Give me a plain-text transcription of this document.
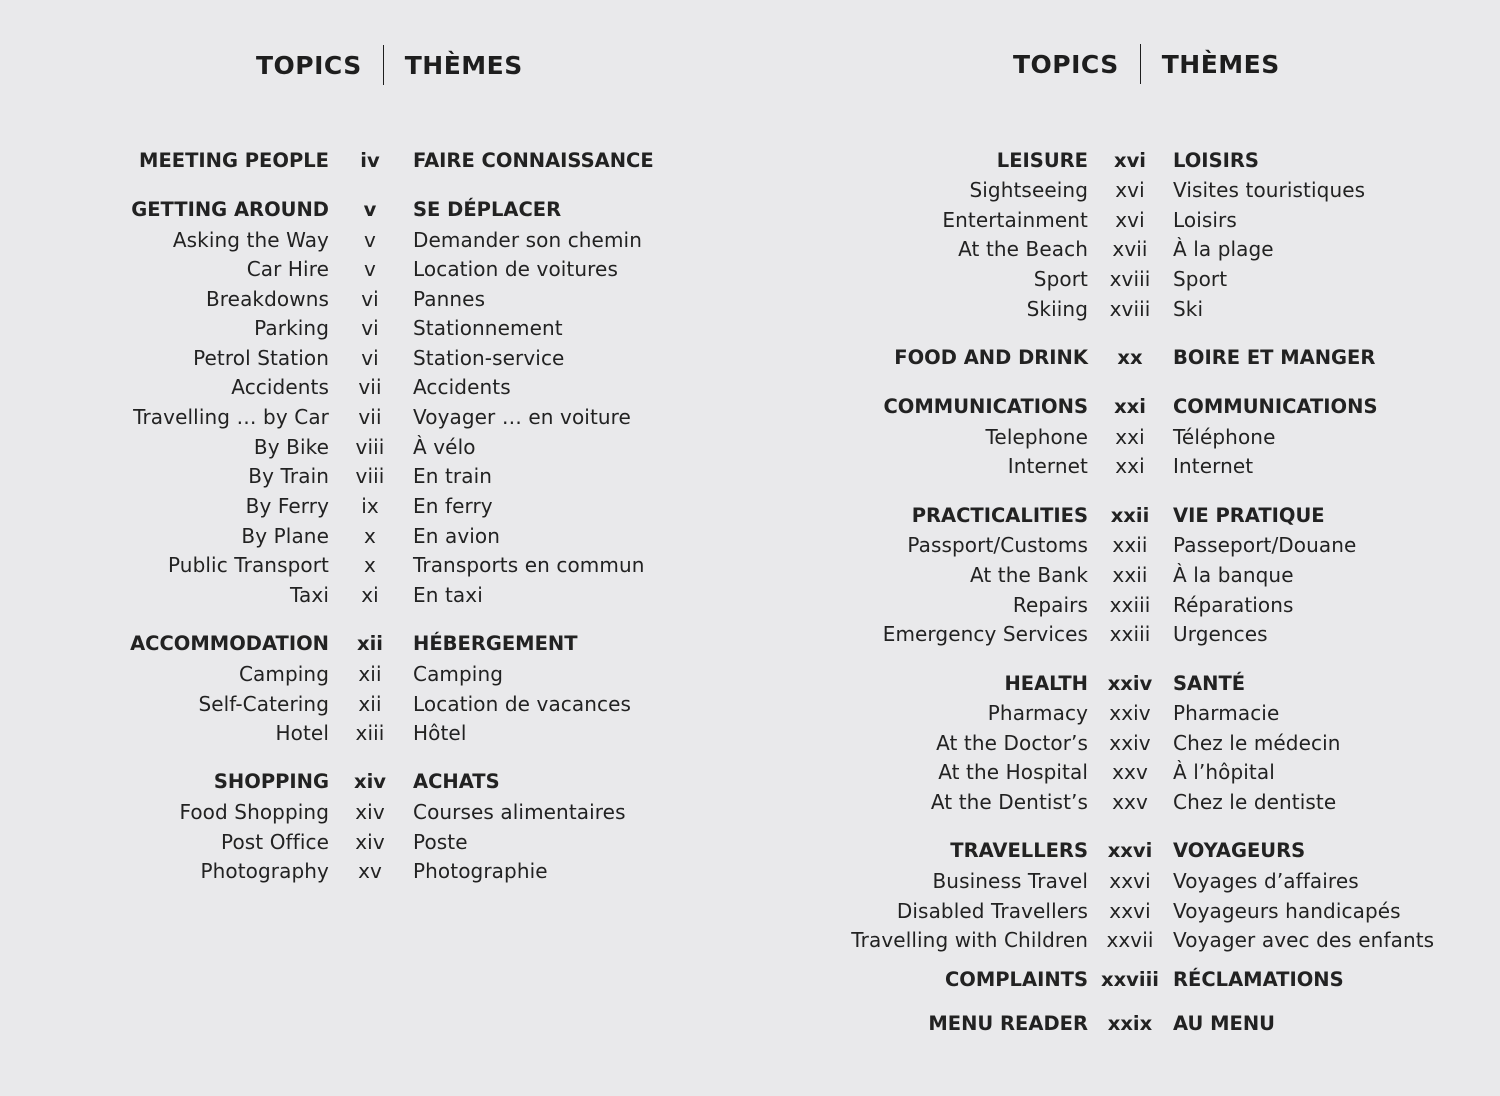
TOPICS THÈMES
MEETING PEOPLE	iv	FAIRE CONNAISSANCE
GETTING AROUND	v	SE DÉPLACER
Asking the Way	v	Demander son chemin
Car Hire	v	Location de voitures
Breakdowns	vi	Pannes
Parking	vi	Stationnement
Petrol Station	vi	Station-service
Accidents	vii	Accidents
Travelling … by Car	vii	Voyager … en voiture
By Bike	viii	À vélo
By Train	viii	En train
By Ferry	ix	En ferry
By Plane	x	En avion
Public Transport	x	Transports en commun
Taxi	xi	En taxi
ACCOMMODATION	xii	HÉBERGEMENT
Camping	xii	Camping
Self-Catering	xii	Location de vacances
Hotel	xiii	Hôtel
SHOPPING	xiv	ACHATS
Food Shopping	xiv	Courses alimentaires
Post Office	xiv	Poste
Photography	xv	Photographie
TOPICS THÈMES
LEISURE	xvi	LOISIRS
Sightseeing	xvi	Visites touristiques
Entertainment	xvi	Loisirs
At the Beach	xvii	À la plage
Sport	xviii	Sport
Skiing	xviii	Ski
FOOD AND DRINK	xx	BOIRE ET MANGER
COMMUNICATIONS	xxi	COMMUNICATIONS
Telephone	xxi	Téléphone
Internet	xxi	Internet
PRACTICALITIES	xxii	VIE PRATIQUE
Passport/Customs	xxii	Passeport/Douane
At the Bank	xxii	À la banque
Repairs	xxiii	Réparations
Emergency Services	xxiii	Urgences
HEALTH	xxiv	SANTÉ
Pharmacy	xxiv	Pharmacie
At the Doctor’s	xxiv	Chez le médecin
At the Hospital	xxv	À l’hôpital
At the Dentist’s	xxv	Chez le dentiste
TRAVELLERS	xxvi	VOYAGEURS
Business Travel	xxvi	Voyages d’affaires
Disabled Travellers	xxvi	Voyageurs handicapés
Travelling with Children xxvii Voyager avec des enfants
COMPLAINTS xxviii RÉCLAMATIONS
MENU READER	xxix	AU MENU
